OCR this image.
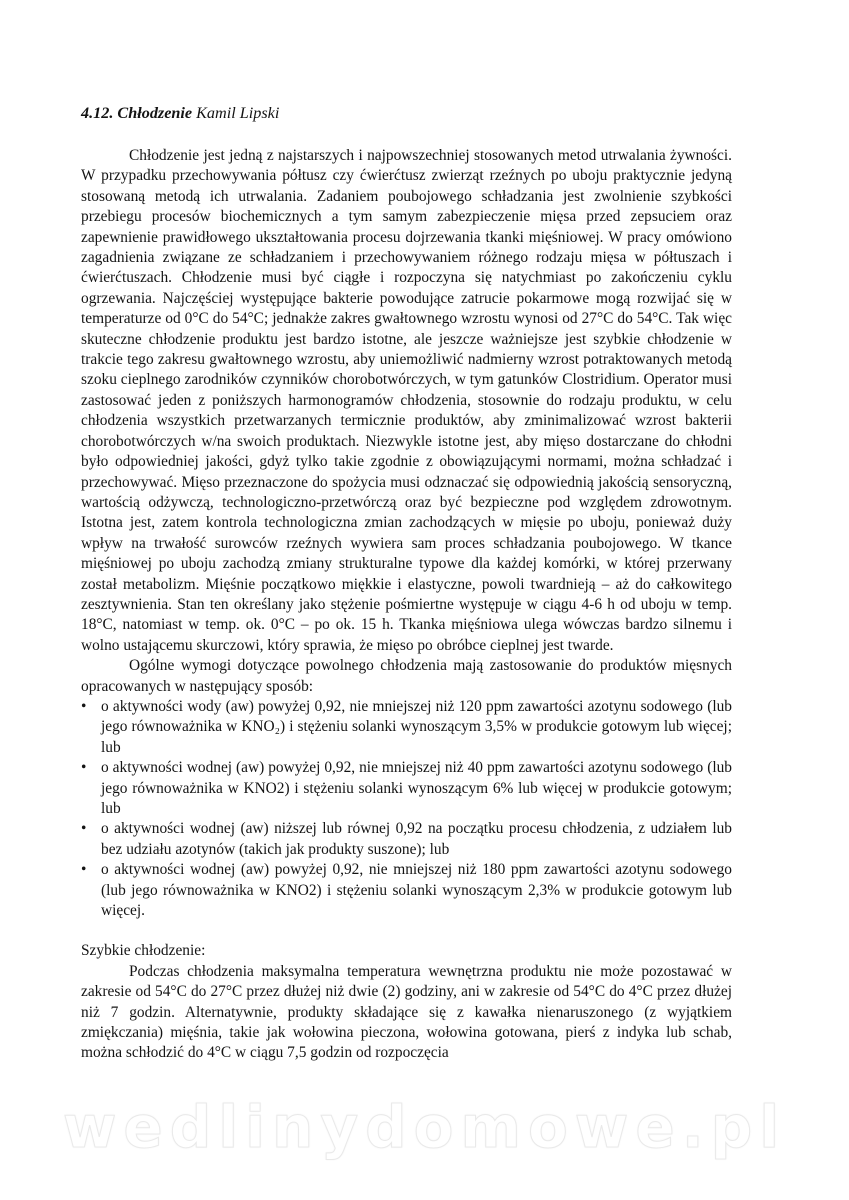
4.12. Chłodzenie Kamil Lipski

Chłodzenie jest jedną z najstarszych i najpowszechniej stosowanych metod utrwalania żywności. W przypadku przechowywania półtusz czy ćwierćtusz zwierząt rzeźnych po uboju praktycznie jedyną stosowaną metodą ich utrwalania. Zadaniem poubojowego schładzania jest zwolnienie szybkości przebiegu procesów biochemicznych a tym samym zabezpieczenie mięsa przed zepsuciem oraz zapewnienie prawidłowego ukształtowania procesu dojrzewania tkanki mięśniowej. W pracy omówiono zagadnienia związane ze schładzaniem i przechowywaniem różnego rodzaju mięsa w półtuszach i ćwierćtuszach. Chłodzenie musi być ciągłe i rozpoczyna się natychmiast po zakończeniu cyklu ogrzewania. Najczęściej występujące bakterie powodujące zatrucie pokarmowe mogą rozwijać się w temperaturze od 0°C do 54°C; jednakże zakres gwałtownego wzrostu wynosi od 27°C do 54°C. Tak więc skuteczne chłodzenie produktu jest bardzo istotne, ale jeszcze ważniejsze jest szybkie chłodzenie w trakcie tego zakresu gwałtownego wzrostu, aby uniemożliwić nadmierny wzrost potraktowanych metodą szoku cieplnego zarodników czynników chorobotwórczych, w tym gatunków Clostridium. Operator musi zastosować jeden z poniższych harmonogramów chłodzenia, stosownie do rodzaju produktu, w celu chłodzenia wszystkich przetwarzanych termicznie produktów, aby zminimalizować wzrost bakterii chorobotwórczych w/na swoich produktach. Niezwykle istotne jest, aby mięso dostarczane do chłodni było odpowiedniej jakości, gdyż tylko takie zgodnie z obowiązującymi normami, można schładzać i przechowywać. Mięso przeznaczone do spożycia musi odznaczać się odpowiednią jakością sensoryczną, wartością odżywczą, technologiczno-przetwórczą oraz być bezpieczne pod względem zdrowotnym. Istotna jest, zatem kontrola technologiczna zmian zachodzących w mięsie po uboju, ponieważ duży wpływ na trwałość surowców rzeźnych wywiera sam proces schładzania poubojowego. W tkance mięśniowej po uboju zachodzą zmiany strukturalne typowe dla każdej komórki, w której przerwany został metabolizm. Mięśnie początkowo miękkie i elastyczne, powoli twardnieją – aż do całkowitego zesztywnienia. Stan ten określany jako stężenie pośmiertne występuje w ciągu 4-6 h od uboju w temp. 18°C, natomiast w temp. ok. 0°C – po ok. 15 h. Tkanka mięśniowa ulega wówczas bardzo silnemu i wolno ustającemu skurczowi, który sprawia, że mięso po obróbce cieplnej jest twarde.

Ogólne wymogi dotyczące powolnego chłodzenia mają zastosowanie do produktów mięsnych opracowanych w następujący sposób:

• o aktywności wody (aw) powyżej 0,92, nie mniejszej niż 120 ppm zawartości azotynu sodowego (lub jego równoważnika w KNO₂) i stężeniu solanki wynoszącym 3,5% w produkcie gotowym lub więcej; lub
• o aktywności wodnej (aw) powyżej 0,92, nie mniejszej niż 40 ppm zawartości azotynu sodowego (lub jego równoważnika w KNO2) i stężeniu solanki wynoszącym 6% lub więcej w produkcie gotowym; lub
• o aktywności wodnej (aw) niższej lub równej 0,92 na początku procesu chłodzenia, z udziałem lub bez udziału azotynów (takich jak produkty suszone); lub
• o aktywności wodnej (aw) powyżej 0,92, nie mniejszej niż 180 ppm zawartości azotynu sodowego (lub jego równoważnika w KNO2) i stężeniu solanki wynoszącym 2,3% w produkcie gotowym lub więcej.
Szybkie chłodzenie:

Podczas chłodzenia maksymalna temperatura wewnętrzna produktu nie może pozostawać w zakresie od 54°C do 27°C przez dłużej niż dwie (2) godziny, ani w zakresie od 54°C do 4°C przez dłużej niż 7 godzin. Alternatywnie, produkty składające się z kawałka nienaruszonego (z wyjątkiem zmiękczania) mięśnia, takie jak wołowina pieczona, wołowina gotowana, pierś z indyka lub schab, można schłodzić do 4°C w ciągu 7,5 godzin od rozpoczęcia

wedlinydomowe.pl
